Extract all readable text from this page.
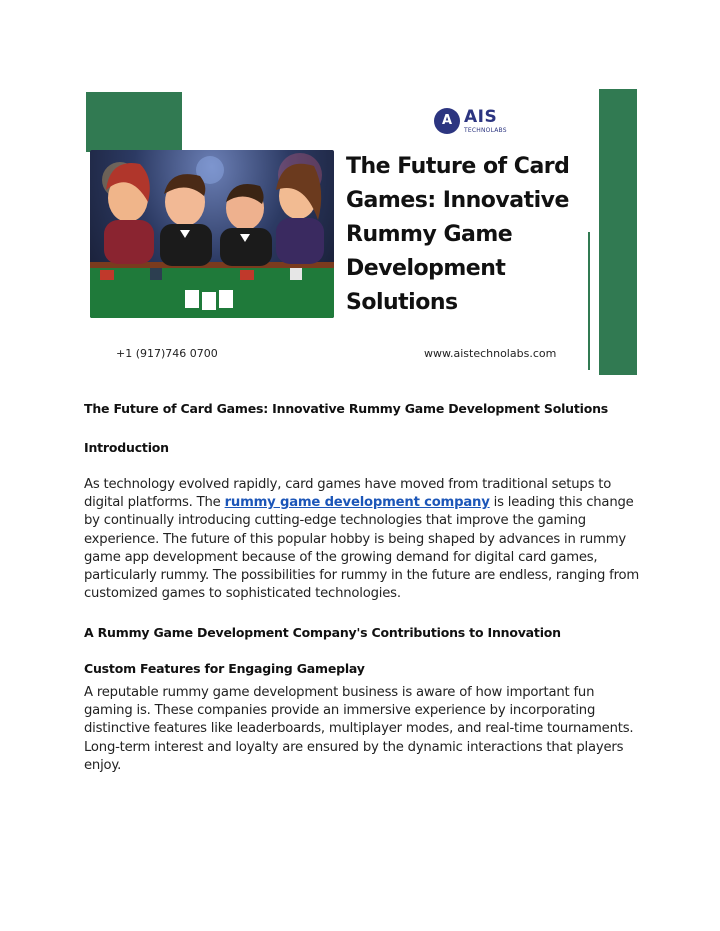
A AIS
TECHNOLABS
The Future of Card
Games: Innovative
Rummy Game
Development
Solutions
+1 (917)746 0700	www.aistechnolabs.com
The Future of Card Games: Innovative Rummy Game Development Solutions
Introduction

As technology evolved rapidly, card games have moved from traditional setups to digital platforms. The rummy game development company is leading this change by continually introducing cutting-edge technologies that improve the gaming experience. The future of this popular hobby is being shaped by advances in rummy game app development because of the growing demand for digital card games, particularly rummy. The possibilities for rummy in the future are endless, ranging from customized games to sophisticated technologies.

A Rummy Game Development Company's Contributions to Innovation
Custom Features for Engaging Gameplay

A reputable rummy game development business is aware of how important fun gaming is. These companies provide an immersive experience by incorporating distinctive features like leaderboards, multiplayer modes, and real-time tournaments. Long-term interest and loyalty are ensured by the dynamic interactions that players enjoy.
